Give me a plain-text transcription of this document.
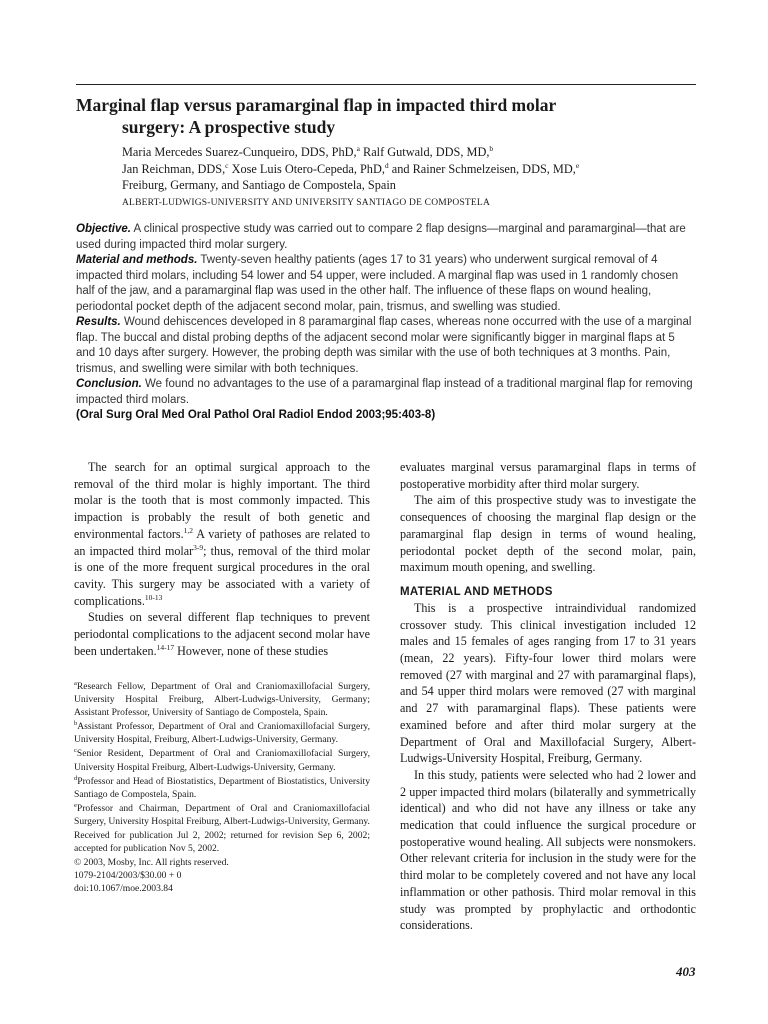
Marginal flap versus paramarginal flap in impacted third molar
surgery: A prospective study
Maria Mercedes Suarez-Cunqueiro, DDS, PhD,$^a$ Ralf Gutwald, DDS, MD,$^b$
Jan Reichman, DDS,$^c$ Xose Luis Otero-Cepeda, PhD,$^d$ and Rainer Schmelzeisen, DDS, MD,$^e$
Freiburg, Germany, and Santiago de Compostela, Spain
ALBERT-LUDWIGS-UNIVERSITY AND UNIVERSITY SANTIAGO DE COMPOSTELA

Objective. A clinical prospective study was carried out to compare 2 flap designs—marginal and paramarginal—that are used during impacted third molar surgery.

Material and methods. Twenty-seven healthy patients (ages 17 to 31 years) who underwent surgical removal of 4 impacted third molars, including 54 lower and 54 upper, were included. A marginal flap was used in 1 randomly chosen half of the jaw, and a paramarginal flap was used in the other half. The influence of these flaps on wound healing, periodontal pocket depth of the adjacent second molar, pain, trismus, and swelling was studied.

Results. Wound dehiscences developed in 8 paramarginal flap cases, whereas none occurred with the use of a marginal flap. The buccal and distal probing depths of the adjacent second molar were significantly bigger in marginal flaps at 5 and 10 days after surgery. However, the probing depth was similar with the use of both techniques at 3 months. Pain, trismus, and swelling were similar with both techniques.

Conclusion. We found no advantages to the use of a paramarginal flap instead of a traditional marginal flap for removing impacted third molars.

(Oral Surg Oral Med Oral Pathol Oral Radiol Endod 2003;95:403-8)

The search for an optimal surgical approach to the removal of the third molar is highly important. The third molar is the tooth that is most commonly impacted. This impaction is probably the result of both genetic and environmental factors.$^{1,2}$ A variety of pathoses are related to an impacted third molar$^{3-9}$; thus, removal of the third molar is one of the more frequent surgical procedures in the oral cavity. This surgery may be associated with a variety of complications.$^{10-13}$

Studies on several different flap techniques to prevent periodontal complications to the adjacent second molar have been undertaken.$^{14-17}$ However, none of these studies

$^a$Research Fellow, Department of Oral and Craniomaxillofacial Surgery, University Hospital Freiburg, Albert-Ludwigs-University, Germany; Assistant Professor, University of Santiago de Compostela, Spain.

$^b$Assistant Professor, Department of Oral and Craniomaxillofacial Surgery, University Hospital, Freiburg, Albert-Ludwigs-University, Germany.

$^c$Senior Resident, Department of Oral and Craniomaxillofacial Surgery, University Hospital Freiburg, Albert-Ludwigs-University, Germany.

$^d$Professor and Head of Biostatistics, Department of Biostatistics, University Santiago de Compostela, Spain.

$^e$Professor and Chairman, Department of Oral and Craniomaxillofacial Surgery, University Hospital Freiburg, Albert-Ludwigs-University, Germany.

Received for publication Jul 2, 2002; returned for revision Sep 6, 2002; accepted for publication Nov 5, 2002.

© 2003, Mosby, Inc. All rights reserved.

1079-2104/2003/$30.00 + 0

doi:10.1067/moe.2003.84

evaluates marginal versus paramarginal flaps in terms of postoperative morbidity after third molar surgery.

The aim of this prospective study was to investigate the consequences of choosing the marginal flap design or the paramarginal flap design in terms of wound healing, periodontal pocket depth of the second molar, pain, maximum mouth opening, and swelling.

MATERIAL AND METHODS

This is a prospective intraindividual randomized crossover study. This clinical investigation included 12 males and 15 females of ages ranging from 17 to 31 years (mean, 22 years). Fifty-four lower third molars were removed (27 with marginal and 27 with paramarginal flaps), and 54 upper third molars were removed (27 with marginal and 27 with paramarginal flaps). These patients were examined before and after third molar surgery at the Department of Oral and Maxillofacial Surgery, Albert-Ludwigs-University Hospital, Freiburg, Germany.

In this study, patients were selected who had 2 lower and 2 upper impacted third molars (bilaterally and symmetrically identical) and who did not have any illness or take any medication that could influence the surgical procedure or postoperative wound healing. All subjects were nonsmokers. Other relevant criteria for inclusion in the study were for the third molar to be completely covered and not have any local inflammation or other pathosis. Third molar removal in this study was prompted by prophylactic and orthodontic considerations.

403
